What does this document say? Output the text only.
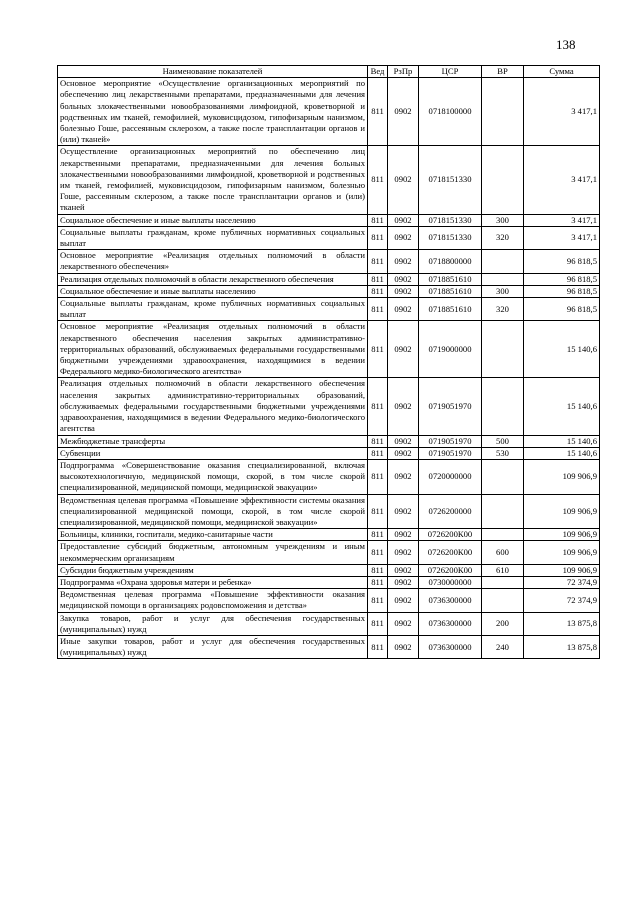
138
Наименование показателей	Вед	РзПр	ЦСР	ВР	Сумма
Основное мероприятие «Осуществление организационных мероприятий по обеспечению лиц лекарственными препаратами, предназначенными для лечения больных злокачественными новообразованиями лимфоидной, кроветворной и родственных им тканей, гемофилией, муковисцидозом, гипофизарным нанизмом, болезнью Гоше, рассеянным склерозом, а также после трансплантации органов и (или) тканей»	811	0902	0718100000		3 417,1
Осуществление организационных мероприятий по обеспечению лиц лекарственными препаратами, предназначенными для лечения больных злокачественными новообразованиями лимфоидной, кроветворной и родственных им тканей, гемофилией, муковисцидозом, гипофизарным нанизмом, болезнью Гоше, рассеянным склерозом, а также после трансплантации органов и (или) тканей	811	0902	0718151330		3 417,1
Социальное обеспечение и иные выплаты населению	811	0902	0718151330	300	3 417,1
Социальные выплаты гражданам, кроме публичных нормативных социальных выплат	811	0902	0718151330	320	3 417,1
Основное мероприятие «Реализация отдельных полномочий в области лекарственного обеспечения»	811	0902	0718800000		96 818,5
Реализация отдельных полномочий в области лекарственного обеспечения	811	0902	0718851610		96 818,5
Социальное обеспечение и иные выплаты населению	811	0902	0718851610	300	96 818,5
Социальные выплаты гражданам, кроме публичных нормативных социальных выплат	811	0902	0718851610	320	96 818,5
Основное мероприятие «Реализация отдельных полномочий в области лекарственного обеспечения населения закрытых административно-территориальных образований, обслуживаемых федеральными государственными бюджетными учреждениями здравоохранения, находящимися в ведении Федерального медико-биологического агентства»	811	0902	0719000000		15 140,6
Реализация отдельных полномочий в области лекарственного обеспечения населения закрытых административно-территориальных образований, обслуживаемых федеральными государственными бюджетными учреждениями здравоохранения, находящимися в ведении Федерального медико-биологического агентства	811	0902	0719051970		15 140,6
Межбюджетные трансферты	811	0902	0719051970	500	15 140,6
Субвенции	811	0902	0719051970	530	15 140,6
Подпрограмма «Совершенствование оказания специализированной, включая высокотехнологичную, медицинской помощи, скорой, в том числе скорой специализированной, медицинской помощи, медицинской эвакуации»	811	0902	0720000000		109 906,9
Ведомственная целевая программа «Повышение эффективности системы оказания специализированной медицинской помощи, скорой, в том числе скорой специализированной, медицинской помощи, медицинской эвакуации»	811	0902	0726200000		109 906,9
Больницы, клиники, госпитали, медико-санитарные части	811	0902	0726200К00		109 906,9
Предоставление субсидий бюджетным, автономным учреждениям и иным некоммерческим организациям	811	0902	0726200К00	600	109 906,9
Субсидии бюджетным учреждениям	811	0902	0726200К00	610	109 906,9
Подпрограмма «Охрана здоровья матери и ребенка»	811	0902	0730000000		72 374,9
Ведомственная целевая программа «Повышение эффективности оказания медицинской помощи в организациях родовспоможения и детства»	811	0902	0736300000		72 374,9
Закупка товаров, работ и услуг для обеспечения государственных (муниципальных) нужд	811	0902	0736300000	200	13 875,8
Иные закупки товаров, работ и услуг для обеспечения государственных (муниципальных) нужд	811	0902	0736300000	240	13 875,8
